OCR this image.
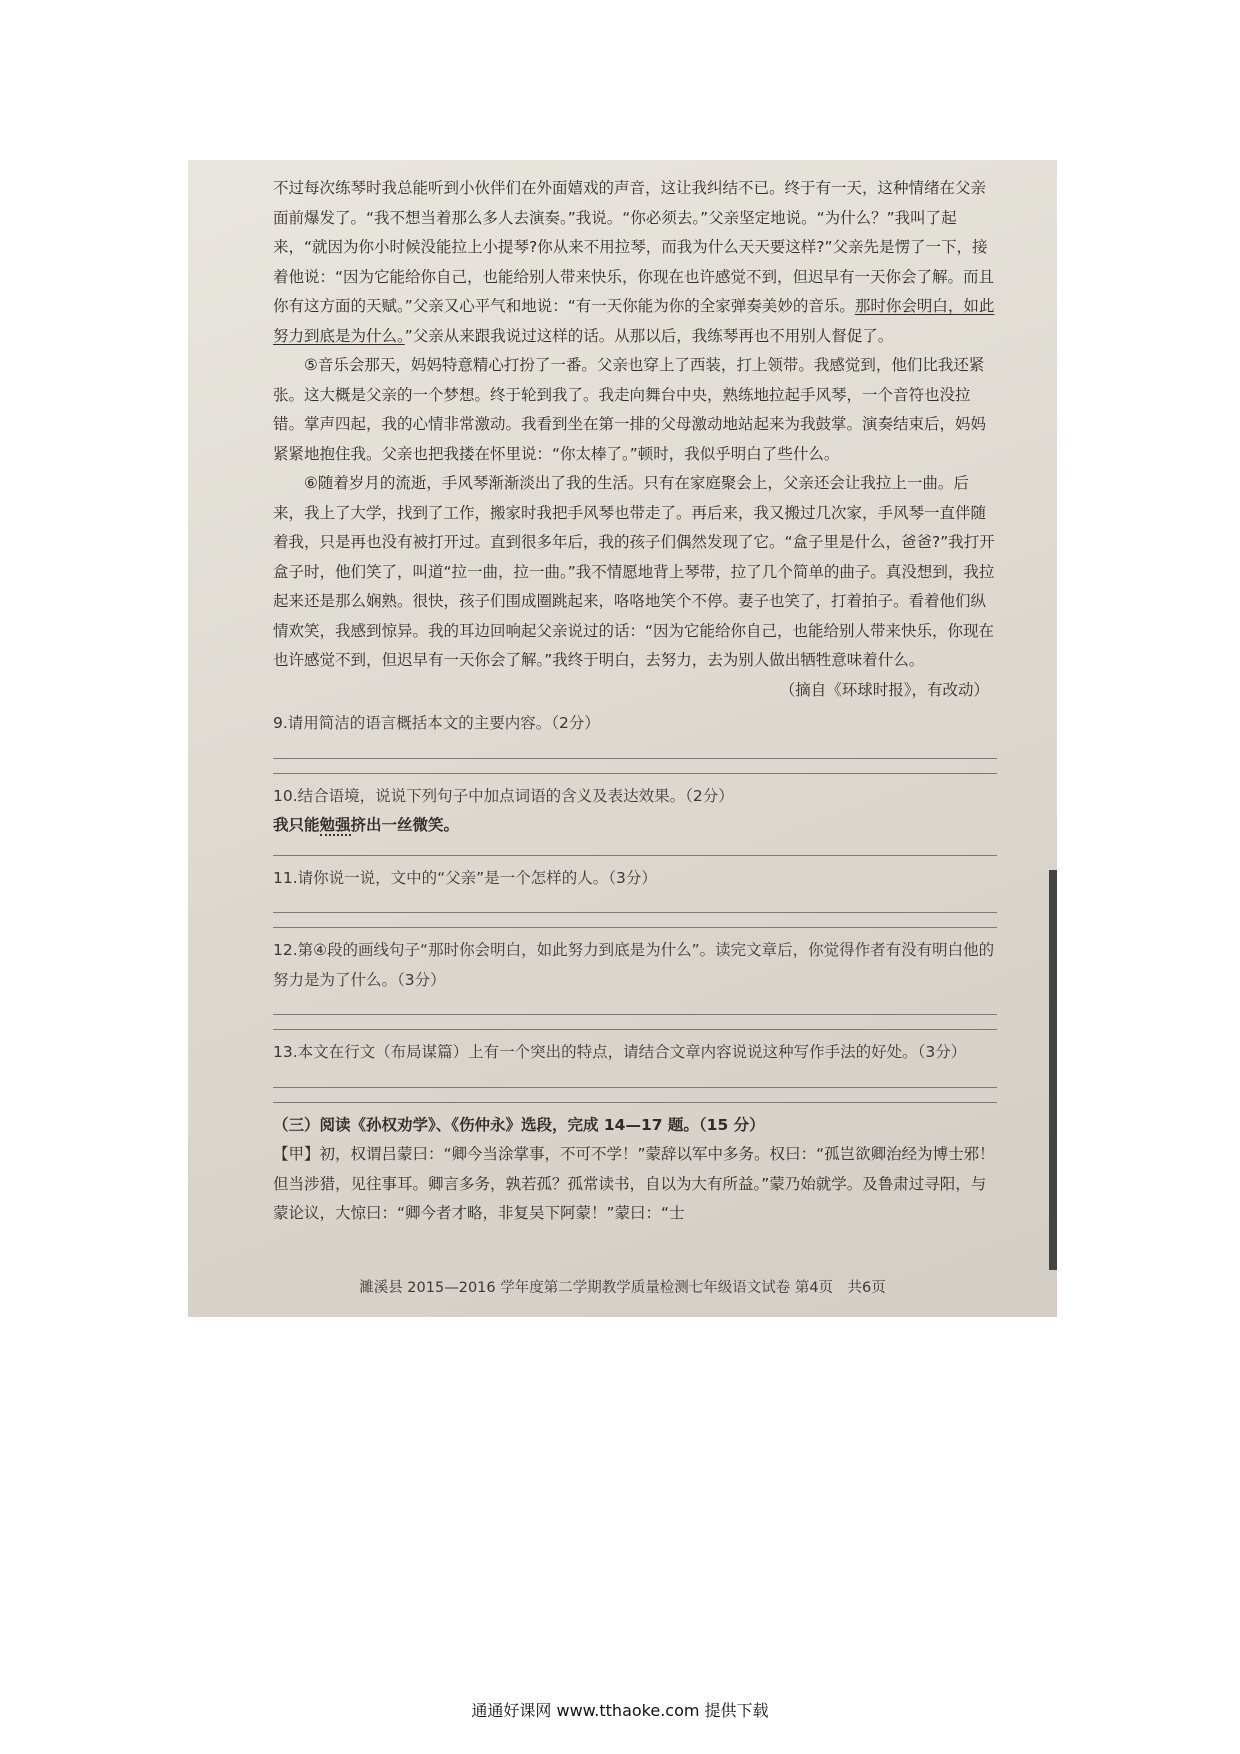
不过每次练琴时我总能听到小伙伴们在外面嬉戏的声音，这让我纠结不已。终于有一天，这种情绪在父亲面前爆发了。“我不想当着那么多人去演奏。”我说。“你必须去。”父亲坚定地说。“为什么？”我叫了起来，“就因为你小时候没能拉上小提琴?你从来不用拉琴，而我为什么天天要这样?”父亲先是愣了一下，接着他说：“因为它能给你自己，也能给别人带来快乐，你现在也许感觉不到，但迟早有一天你会了解。而且你有这方面的天赋。”父亲又心平气和地说：“有一天你能为你的全家弹奏美妙的音乐。那时你会明白，如此努力到底是为什么。”父亲从来跟我说过这样的话。从那以后，我练琴再也不用别人督促了。

⑤音乐会那天，妈妈特意精心打扮了一番。父亲也穿上了西装，打上领带。我感觉到，他们比我还紧张。这大概是父亲的一个梦想。终于轮到我了。我走向舞台中央，熟练地拉起手风琴，一个音符也没拉错。掌声四起，我的心情非常激动。我看到坐在第一排的父母激动地站起来为我鼓掌。演奏结束后，妈妈紧紧地抱住我。父亲也把我搂在怀里说：“你太棒了。”顿时，我似乎明白了些什么。

⑥随着岁月的流逝，手风琴渐渐淡出了我的生活。只有在家庭聚会上，父亲还会让我拉上一曲。后来，我上了大学，找到了工作，搬家时我把手风琴也带走了。再后来，我又搬过几次家，手风琴一直伴随着我，只是再也没有被打开过。直到很多年后，我的孩子们偶然发现了它。“盒子里是什么，爸爸?”我打开盒子时，他们笑了，叫道“拉一曲，拉一曲。”我不情愿地背上琴带，拉了几个简单的曲子。真没想到，我拉起来还是那么娴熟。很快，孩子们围成圈跳起来，咯咯地笑个不停。妻子也笑了，打着拍子。看着他们纵情欢笑，我感到惊异。我的耳边回响起父亲说过的话：“因为它能给你自己，也能给别人带来快乐，你现在也许感觉不到，但迟早有一天你会了解。”我终于明白，去努力，去为别人做出牺牲意味着什么。

（摘自《环球时报》，有改动）

9.请用简洁的语言概括本文的主要内容。（2分）
10.结合语境，说说下列句子中加点词语的含义及表达效果。（2分）
我只能勉强挤出一丝微笑。
11.请你说一说，文中的“父亲”是一个怎样的人。（3分）
12.第④段的画线句子“那时你会明白，如此努力到底是为什么”。读完文章后，你觉得作者有没有明白他的努力是为了什么。（3分）
13.本文在行文（布局谋篇）上有一个突出的特点，请结合文章内容说说这种写作手法的好处。（3分）

（三）阅读《孙权劝学》、《伤仲永》选段，完成 14—17 题。（15 分）

【甲】初，权谓吕蒙曰：“卿今当涂掌事，不可不学！”蒙辞以军中多务。权曰：“孤岂欲卿治经为博士邪！但当涉猎，见往事耳。卿言多务，孰若孤？孤常读书，自以为大有所益。”蒙乃始就学。及鲁肃过寻阳，与蒙论议，大惊曰：“卿今者才略，非复吴下阿蒙！”蒙曰：“士

濉溪县 2015—2016 学年度第二学期教学质量检测七年级语文试卷 第4页　共6页
通通好课网 www.tthaoke.com 提供下载
